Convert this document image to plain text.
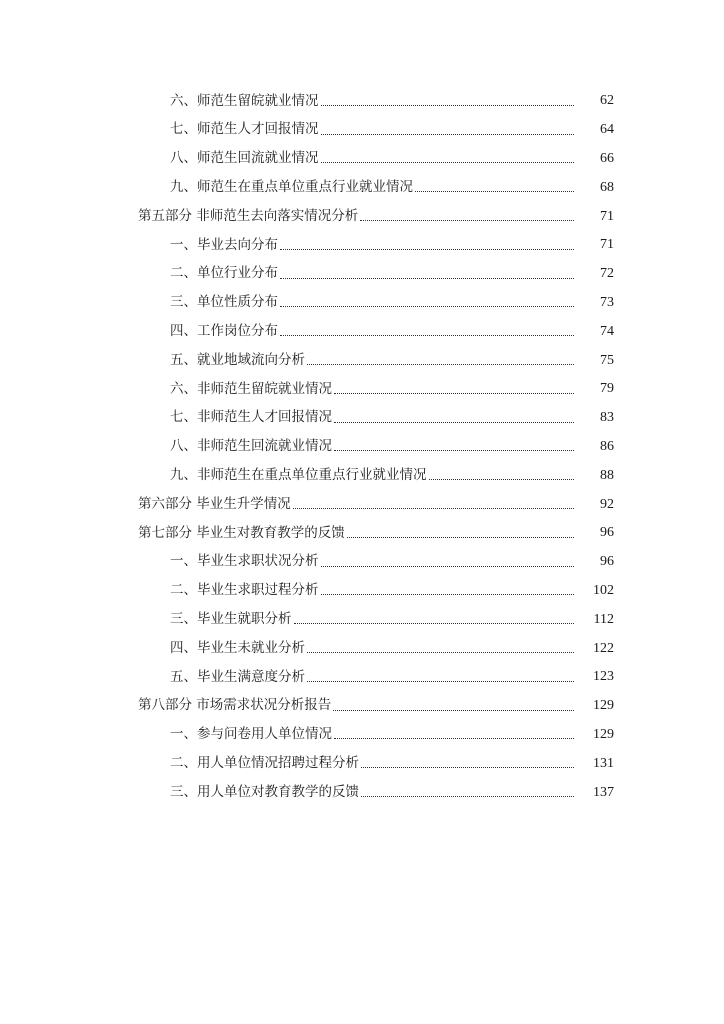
六、师范生留皖就业情况	62
七、师范生人才回报情况	64
八、师范生回流就业情况	66
九、师范生在重点单位重点行业就业情况	68
第五部分 非师范生去向落实情况分析	71
一、毕业去向分布	71
二、单位行业分布	72
三、单位性质分布	73
四、工作岗位分布	74
五、就业地域流向分析	75
六、非师范生留皖就业情况	79
七、非师范生人才回报情况	83
八、非师范生回流就业情况	86
九、非师范生在重点单位重点行业就业情况	88
第六部分 毕业生升学情况	92
第七部分 毕业生对教育教学的反馈	96
一、毕业生求职状况分析	96
二、毕业生求职过程分析	102
三、毕业生就职分析	112
四、毕业生未就业分析	122
五、毕业生满意度分析	123
第八部分 市场需求状况分析报告	129
一、参与问卷用人单位情况	129
二、用人单位情况招聘过程分析	131
三、用人单位对教育教学的反馈	137
